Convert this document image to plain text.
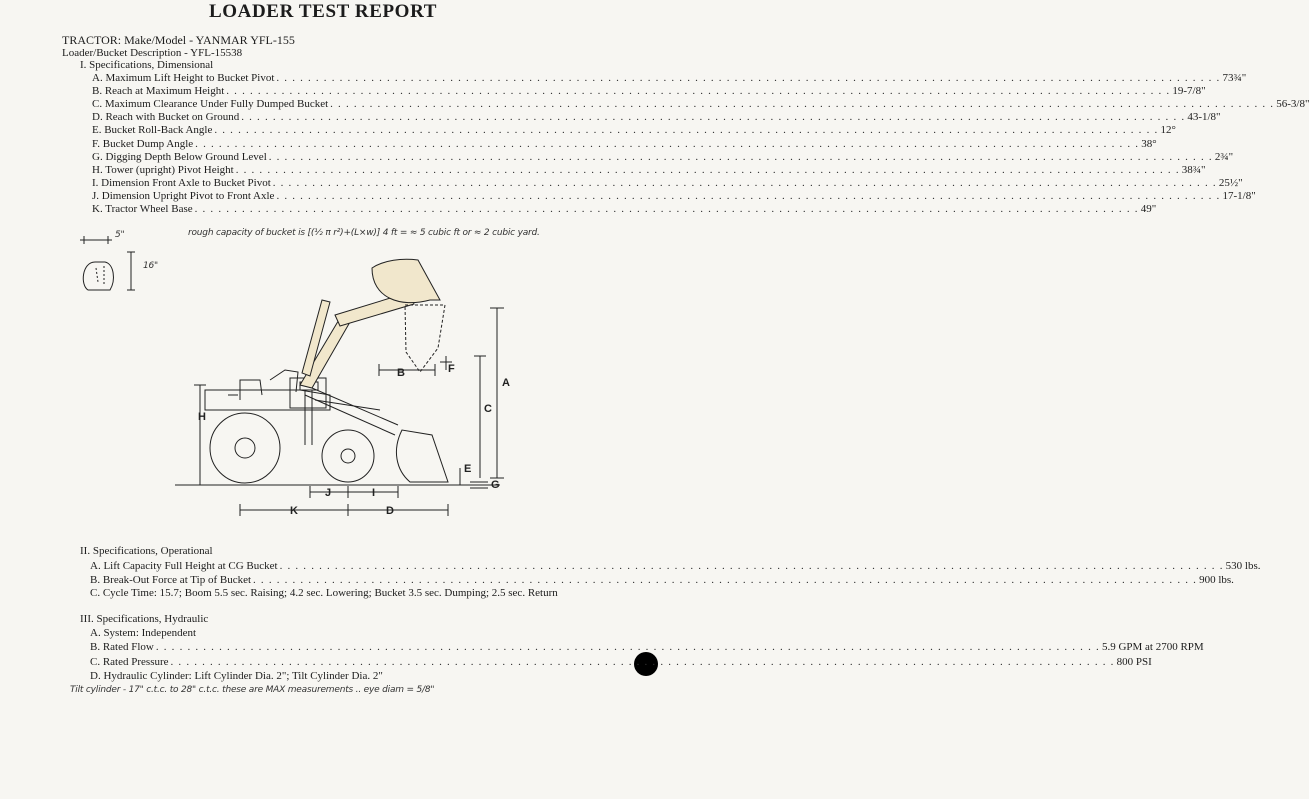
LOADER TEST REPORT
TRACTOR: Make/Model - YANMAR YFL-155
Loader/Bucket Description - YFL-15538
I. Specifications, Dimensional
A. Maximum Lift Height to Bucket Pivot . . . . . . . . . . . . . . . . . . . . . . . . . . . . . . . . . . . . . . . . . . . . . . . . . . . . . . . . . . . . . . . . . . . . . . . . . . . . . . . . . . . . . . . . . . . . . . . . . . . . . . . . . . . . . . . . . . . . . . . . 73¾"
B. Reach at Maximum Height . . . . . . . . . . . . . . . . . . . . . . . . . . . . . . . . . . . . . . . . . . . . . . . . . . . . . . . . . . . . . . . . . . . . . . . . . . . . . . . . . . . . . . . . . . . . . . . . . . . . . . . . . . . . . . . . . . . . . . . . 19-7/8"
C. Maximum Clearance Under Fully Dumped Bucket . . . . . . . . . . . . . . . . . . . . . . . . . . . . . . . . . . . . . . . . . . . . . . . . . . . . . . . . . . . . . . . . . . . . . . . . . . . . . . . . . . . . . . . . . . . . . . . . . . . . . . . . . . . . . . . . . . . . . . . . 56-3/8"
D. Reach with Bucket on Ground . . . . . . . . . . . . . . . . . . . . . . . . . . . . . . . . . . . . . . . . . . . . . . . . . . . . . . . . . . . . . . . . . . . . . . . . . . . . . . . . . . . . . . . . . . . . . . . . . . . . . . . . . . . . . . . . . . . . . . . . 43-1/8"
E. Bucket Roll-Back Angle . . . . . . . . . . . . . . . . . . . . . . . . . . . . . . . . . . . . . . . . . . . . . . . . . . . . . . . . . . . . . . . . . . . . . . . . . . . . . . . . . . . . . . . . . . . . . . . . . . . . . . . . . . . . . . . . . . . . . . . . 12°
F. Bucket Dump Angle . . . . . . . . . . . . . . . . . . . . . . . . . . . . . . . . . . . . . . . . . . . . . . . . . . . . . . . . . . . . . . . . . . . . . . . . . . . . . . . . . . . . . . . . . . . . . . . . . . . . . . . . . . . . . . . . . . . . . . . . 38°
G. Digging Depth Below Ground Level . . . . . . . . . . . . . . . . . . . . . . . . . . . . . . . . . . . . . . . . . . . . . . . . . . . . . . . . . . . . . . . . . . . . . . . . . . . . . . . . . . . . . . . . . . . . . . . . . . . . . . . . . . . . . . . . . . . . . . . . 2¾"
H. Tower (upright) Pivot Height . . . . . . . . . . . . . . . . . . . . . . . . . . . . . . . . . . . . . . . . . . . . . . . . . . . . . . . . . . . . . . . . . . . . . . . . . . . . . . . . . . . . . . . . . . . . . . . . . . . . . . . . . . . . . . . . . . . . . . . . 38¾"
I. Dimension Front Axle to Bucket Pivot . . . . . . . . . . . . . . . . . . . . . . . . . . . . . . . . . . . . . . . . . . . . . . . . . . . . . . . . . . . . . . . . . . . . . . . . . . . . . . . . . . . . . . . . . . . . . . . . . . . . . . . . . . . . . . . . . . . . . . . . 25½"
J. Dimension Upright Pivot to Front Axle . . . . . . . . . . . . . . . . . . . . . . . . . . . . . . . . . . . . . . . . . . . . . . . . . . . . . . . . . . . . . . . . . . . . . . . . . . . . . . . . . . . . . . . . . . . . . . . . . . . . . . . . . . . . . . . . . . . . . . . . 17-1/8"
K. Tractor Wheel Base . . . . . . . . . . . . . . . . . . . . . . . . . . . . . . . . . . . . . . . . . . . . . . . . . . . . . . . . . . . . . . . . . . . . . . . . . . . . . . . . . . . . . . . . . . . . . . . . . . . . . . . . . . . . . . . . . . . . . . . . 49"
rough capacity of bucket is [(½ π r²)+(L×w)] 4 ft = ≈ 5 cubic ft or ≈ 2 cubic yard.
5"
16"
A
B
C
D
E
F
G
H
I
J
K
II. Specifications, Operational
A. Lift Capacity Full Height at CG Bucket . . . . . . . . . . . . . . . . . . . . . . . . . . . . . . . . . . . . . . . . . . . . . . . . . . . . . . . . . . . . . . . . . . . . . . . . . . . . . . . . . . . . . . . . . . . . . . . . . . . . . . . . . . . . . . . . . . . . . . . . 530 lbs.
B. Break-Out Force at Tip of Bucket . . . . . . . . . . . . . . . . . . . . . . . . . . . . . . . . . . . . . . . . . . . . . . . . . . . . . . . . . . . . . . . . . . . . . . . . . . . . . . . . . . . . . . . . . . . . . . . . . . . . . . . . . . . . . . . . . . . . . . . . 900 lbs.
C. Cycle Time: 15.7; Boom 5.5 sec. Raising; 4.2 sec. Lowering; Bucket 3.5 sec. Dumping; 2.5 sec. Return
III. Specifications, Hydraulic
A. System: Independent
B. Rated Flow . . . . . . . . . . . . . . . . . . . . . . . . . . . . . . . . . . . . . . . . . . . . . . . . . . . . . . . . . . . . . . . . . . . . . . . . . . . . . . . . . . . . . . . . . . . . . . . . . . . . . . . . . . . . . . . . . . . . . . . . 5.9 GPM at 2700 RPM
C. Rated Pressure . . . . . . . . . . . . . . . . . . . . . . . . . . . . . . . . . . . . . . . . . . . . . . . . . . . . . . . . . . . . . . . . . . . . . . . . . . . . . . . . . . . . . . . . . . . . . . . . . . . . . . . . . . . . . . . . . . . . . . . . 800 PSI
D. Hydraulic Cylinder: Lift Cylinder Dia. 2"; Tilt Cylinder Dia. 2"
Tilt cylinder - 17" c.t.c. to 28" c.t.c. these are MAX measurements .. eye diam = 5/8"
